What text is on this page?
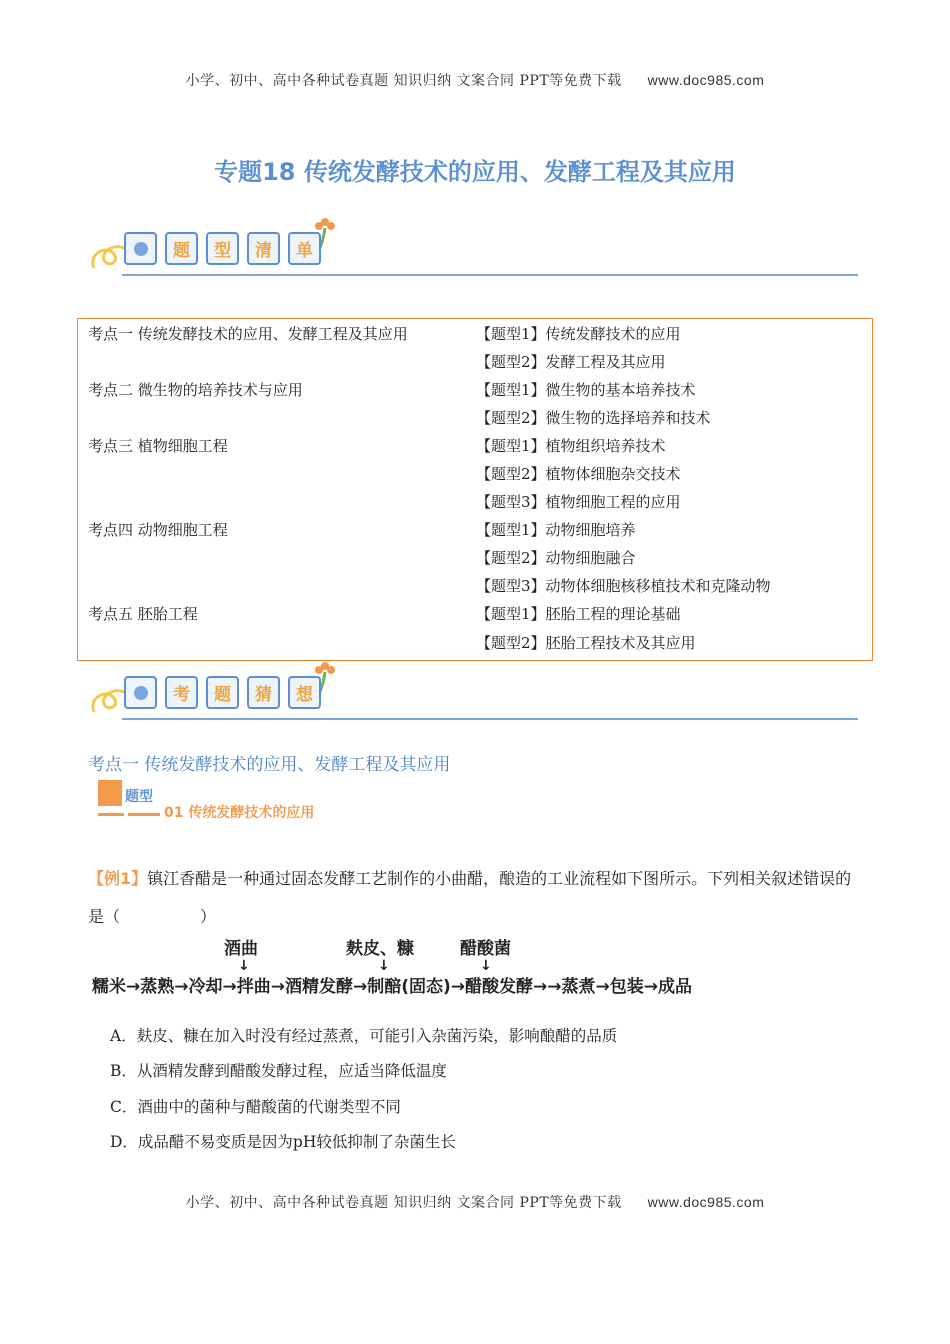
小学、初中、高中各种试卷真题 知识归纳 文案合同 PPT等免费下载 www.doc985.com
专题18 传统发酵技术的应用、发酵工程及其应用
题	型	清	单
考点一 传统发酵技术的应用、发酵工程及其应用	【题型1】传统发酵技术的应用
【题型2】发酵工程及其应用
考点二 微生物的培养技术与应用	【题型1】微生物的基本培养技术
【题型2】微生物的选择培养和技术
考点三 植物细胞工程	【题型1】植物组织培养技术
【题型2】植物体细胞杂交技术
【题型3】植物细胞工程的应用
考点四 动物细胞工程	【题型1】动物细胞培养
【题型2】动物细胞融合
【题型3】动物体细胞核移植技术和克隆动物
考点五 胚胎工程	【题型1】胚胎工程的理论基础
【题型2】胚胎工程技术及其应用
考	题	猜	想
考点一 传统发酵技术的应用、发酵工程及其应用
题型
01 传统发酵技术的应用
【例1】镇江香醋是一种通过固态发酵工艺制作的小曲醋，酿造的工业流程如下图所示。下列相关叙述错误的是（　　　　　）
酒曲
↓
麸皮、糠
↓
醋酸菌
↓
糯米→蒸熟→冷却→拌曲→酒精发酵→制醅(固态)→醋酸发酵→→蒸煮→包装→成品
A．麸皮、糠在加入时没有经过蒸煮，可能引入杂菌污染，影响酿醋的品质
B．从酒精发酵到醋酸发酵过程，应适当降低温度
C．酒曲中的菌种与醋酸菌的代谢类型不同
D．成品醋不易变质是因为pH较低抑制了杂菌生长
小学、初中、高中各种试卷真题 知识归纳 文案合同 PPT等免费下载 www.doc985.com
